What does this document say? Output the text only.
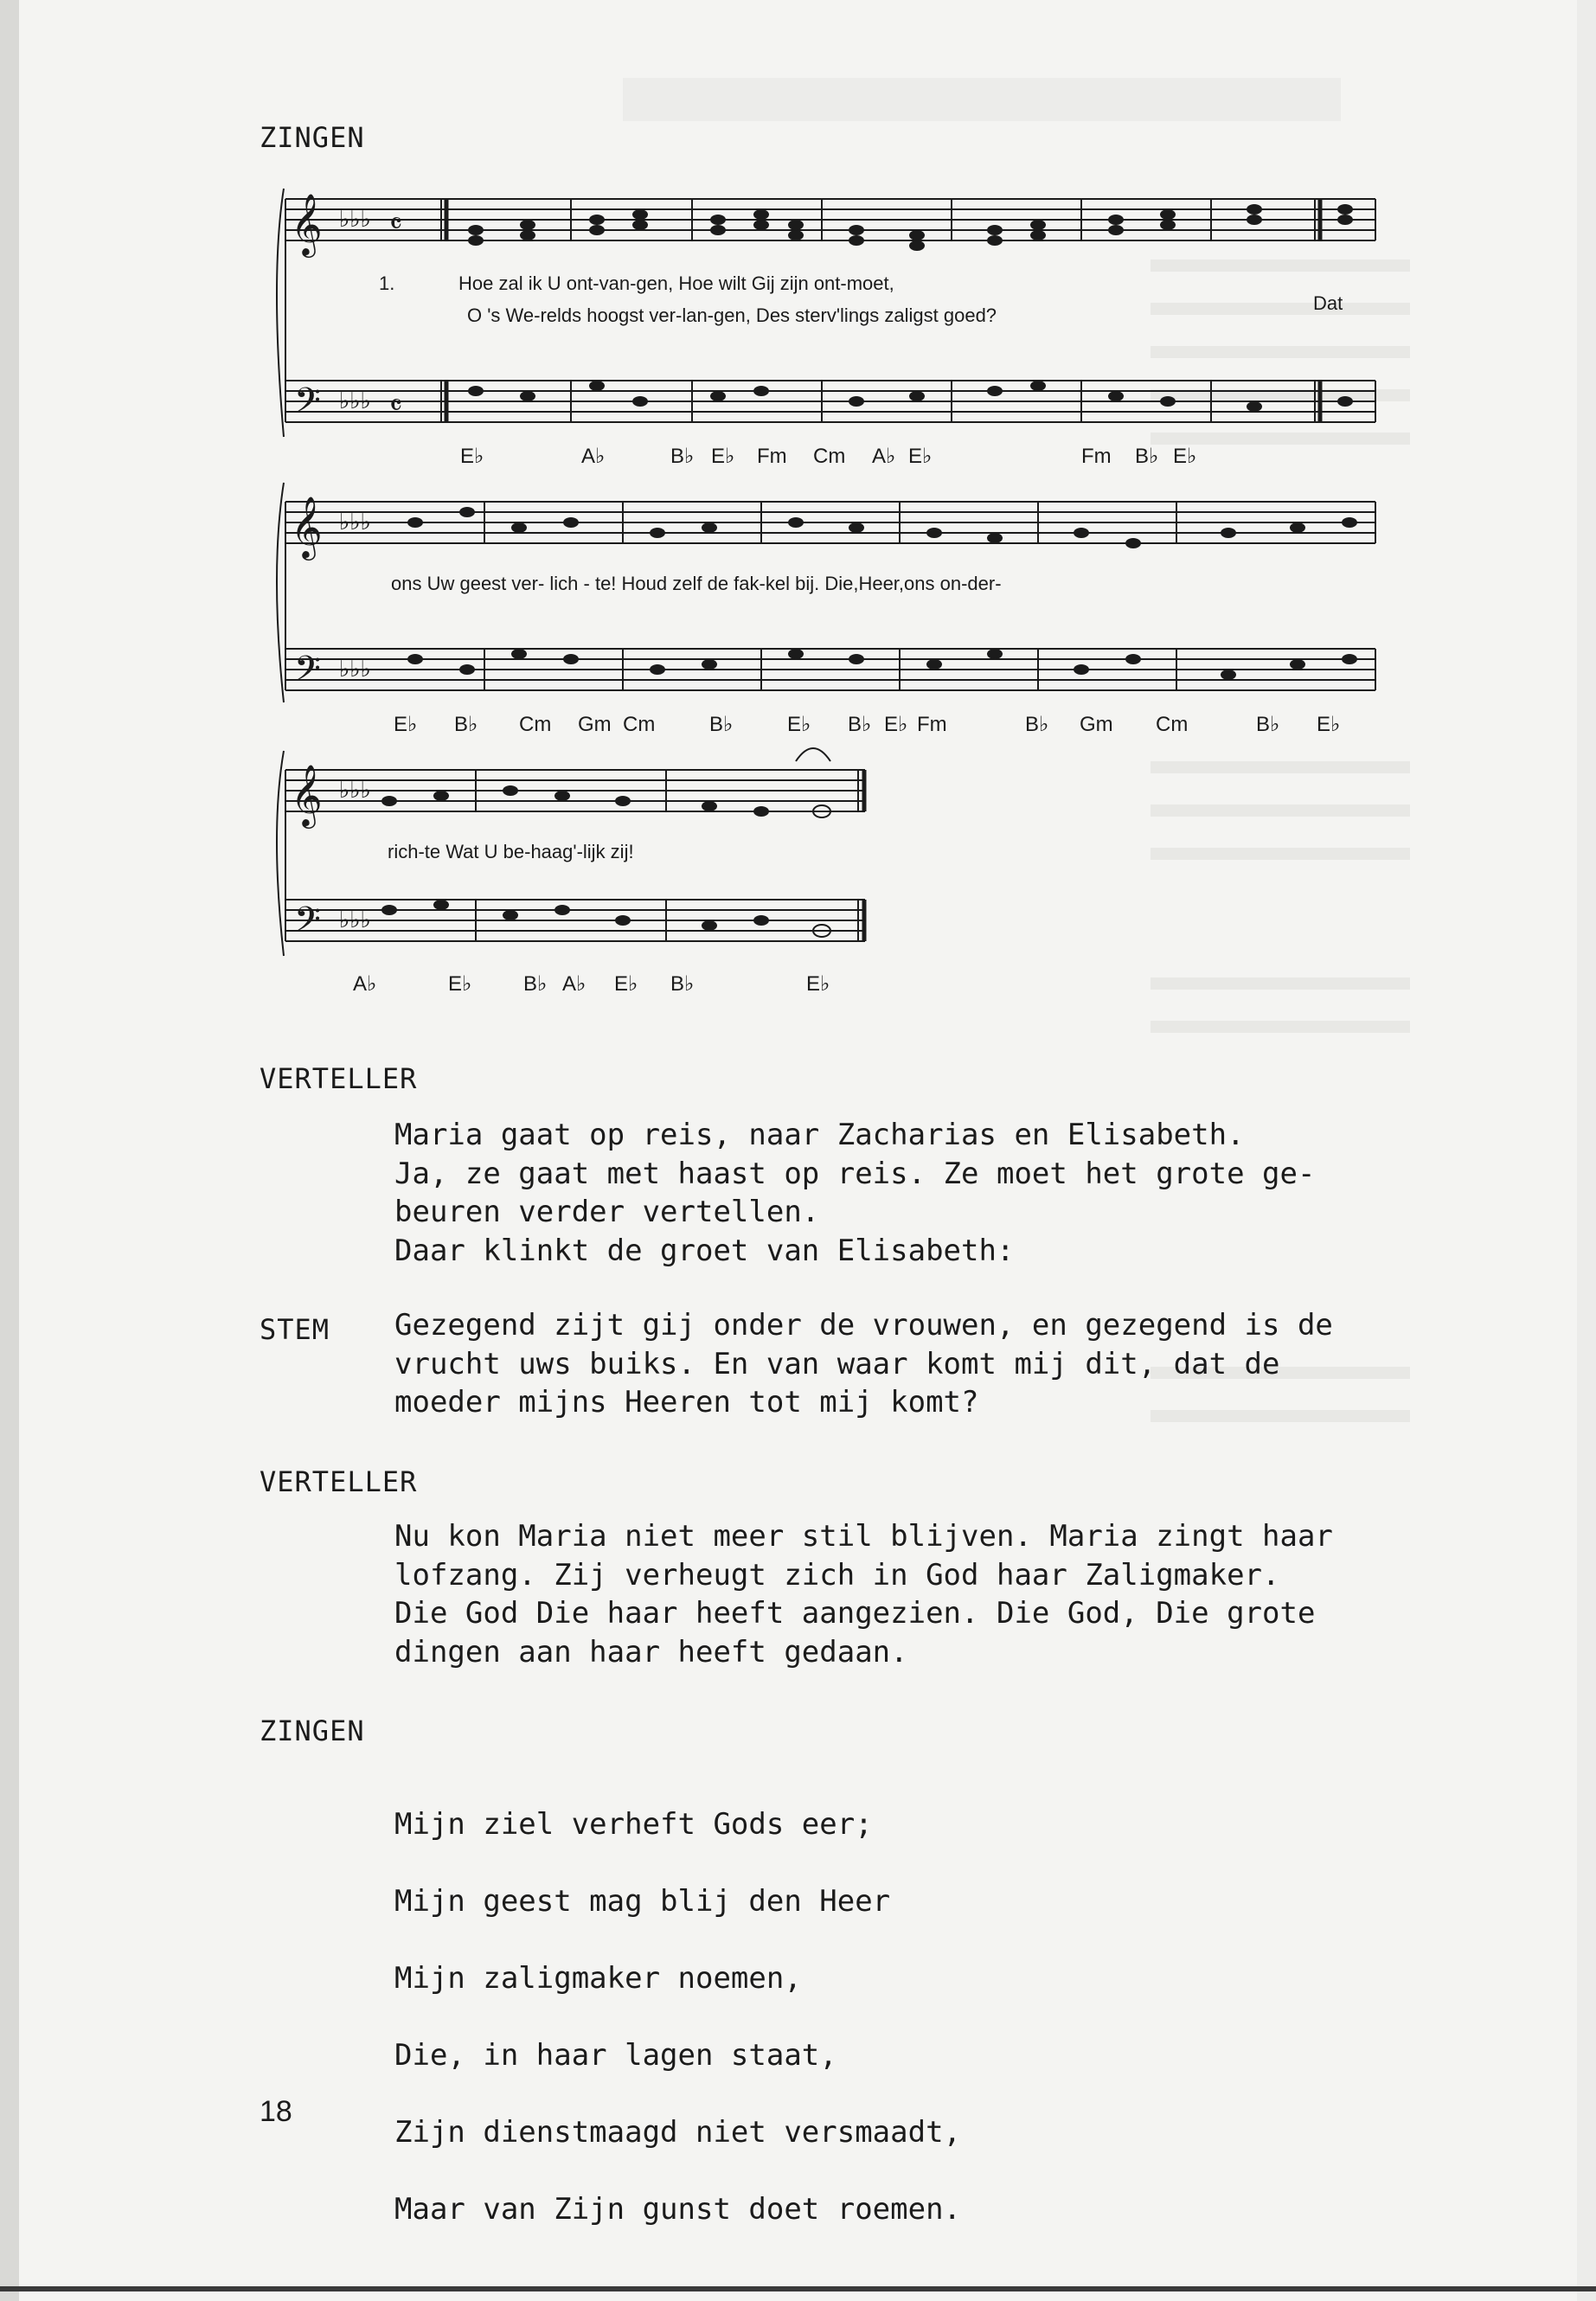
ZINGEN
𝄞
𝄢
𝄞
𝄢
𝄞
𝄢
♭♭♭ 𝄴
♭♭♭ 𝄴
♭♭♭
♭♭♭
♭♭♭
♭♭♭
1.	Hoe zal ik U ont-van-gen, Hoe wilt Gij zijn ont-moet,
O 's We-relds hoogst ver-lan-gen, Des sterv'lings zaligst goed?
Dat
E♭	A♭	B♭ E♭ Fm Cm A♭ E♭	Fm B♭ E♭
ons Uw geest ver- lich - te! Houd zelf de fak-kel bij. Die,Heer,ons on-der-
E♭ B♭ Cm Gm Cm	B♭	E♭ B♭ E♭ Fm	B♭ Gm Cm	B♭ E♭
rich-te Wat U be-haag'-lijk zij!
A♭	E♭ B♭ A♭ E♭ B♭	E♭
VERTELLER
Maria gaat op reis, naar Zacharias en Elisabeth.
Ja, ze gaat met haast op reis. Ze moet het grote ge-
beuren verder vertellen.
Daar klinkt de groet van Elisabeth:
STEM Gezegend zijt gij onder de vrouwen, en gezegend is de
vrucht uws buiks. En van waar komt mij dit, dat de
moeder mijns Heeren tot mij komt?
VERTELLER
Nu kon Maria niet meer stil blijven. Maria zingt haar
lofzang. Zij verheugt zich in God haar Zaligmaker.
Die God Die haar heeft aangezien. Die God, Die grote
dingen aan haar heeft gedaan.
ZINGEN

Mijn ziel verheft Gods eer;

Mijn geest mag blij den Heer

Mijn zaligmaker noemen,

Die, in haar lagen staat,

Zijn dienstmaagd niet versmaadt,

Maar van Zijn gunst doet roemen.

18
